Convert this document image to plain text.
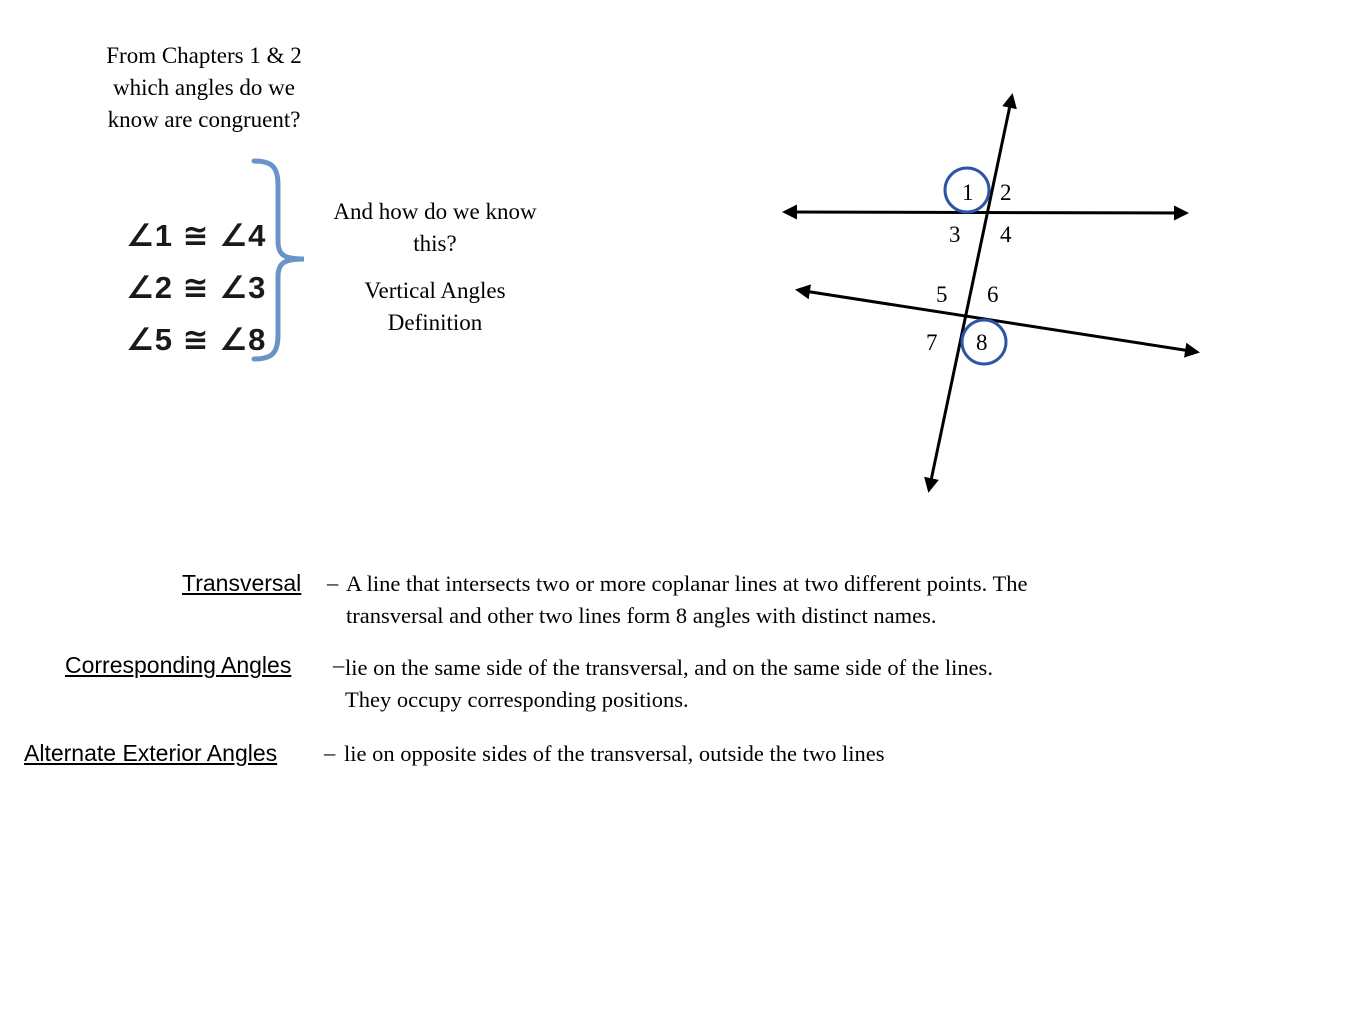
From Chapters 1 & 2
which angles do we
know are congruent?
∠1 ≅ ∠4
∠2 ≅ ∠3
∠5 ≅ ∠8
And how do we know
this?
Vertical Angles
Definition
1 2
3 4
5 6
7 8
Transversal – A line that intersects two or more coplanar lines at two different points. The
transversal and other two lines form 8 angles with distinct names.
Corresponding Angles – lie on the same side of the transversal, and on the same side of the lines.
They occupy corresponding positions.
Alternate Exterior Angles – lie on opposite sides of the transversal, outside the two lines
